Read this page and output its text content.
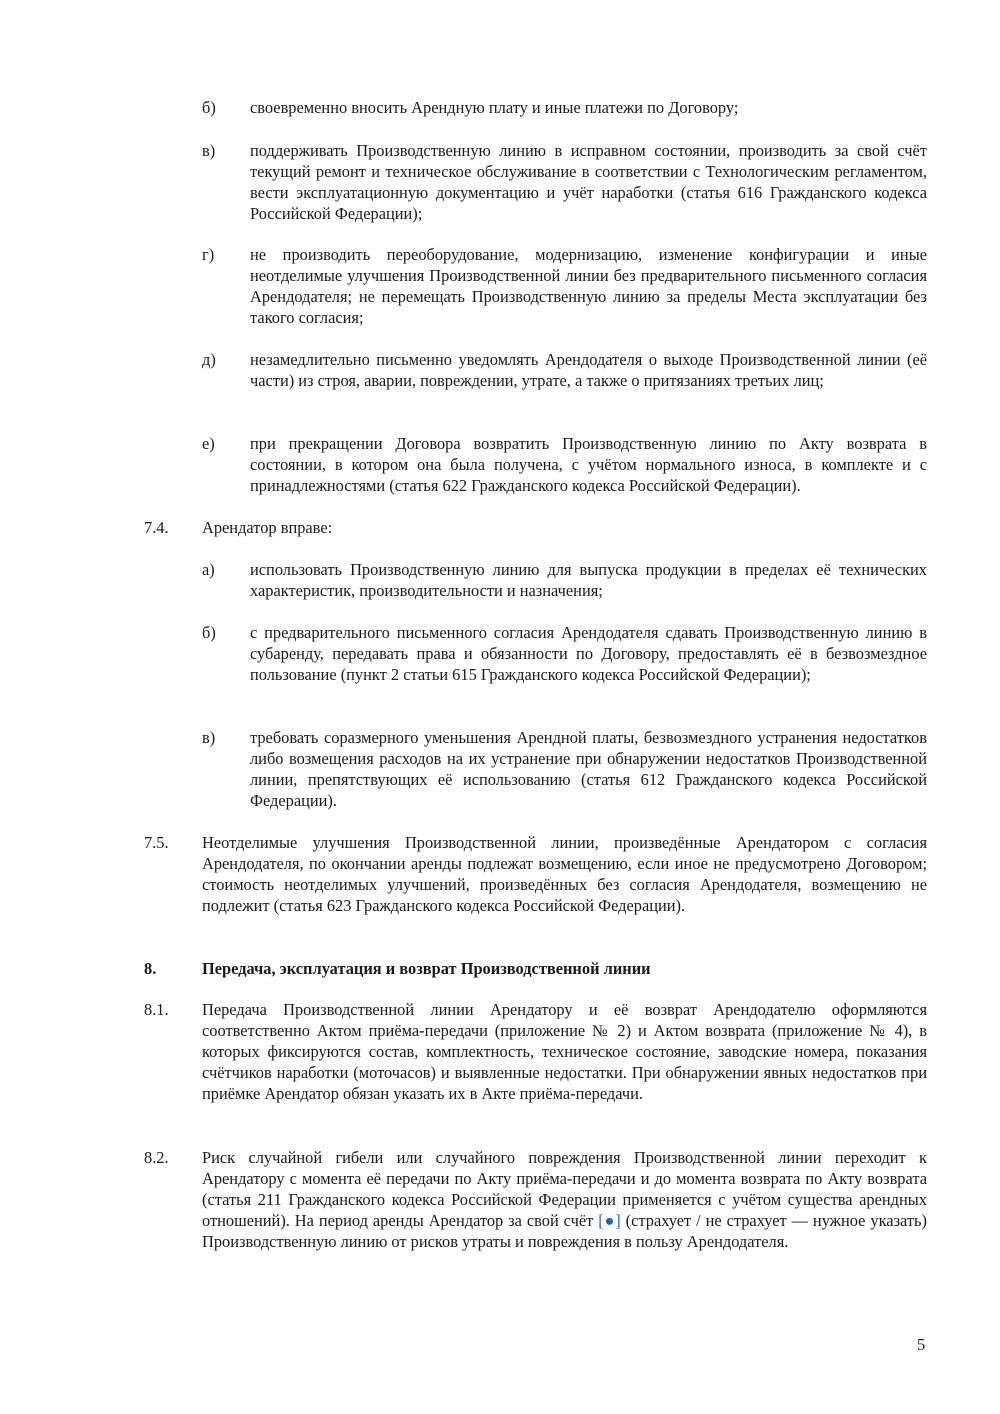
б) своевременно вносить Арендную плату и иные платежи по Договору;

в) поддерживать Производственную линию в исправном состоянии, производить за свой счёт текущий ремонт и техническое обслуживание в соответствии с Технологическим регламентом, вести эксплуатационную документацию и учёт наработки (статья 616 Гражданского кодекса Российской Федерации);

г) не производить переоборудование, модернизацию, изменение конфигурации и иные неотделимые улучшения Производственной линии без предварительного письменного согласия Арендодателя; не перемещать Производственную линию за пределы Места эксплуатации без такого согласия;

д) незамедлительно письменно уведомлять Арендодателя о выходе Производственной линии (её части) из строя, аварии, повреждении, утрате, а также о притязаниях третьих лиц;

е) при прекращении Договора возвратить Производственную линию по Акту возврата в состоянии, в котором она была получена, с учётом нормального износа, в комплекте и с принадлежностями (статья 622 Гражданского кодекса Российской Федерации).

7.4. Арендатор вправе:

а) использовать Производственную линию для выпуска продукции в пределах её технических характеристик, производительности и назначения;

б) с предварительного письменного согласия Арендодателя сдавать Производственную линию в субаренду, передавать права и обязанности по Договору, предоставлять её в безвозмездное пользование (пункт 2 статьи 615 Гражданского кодекса Российской Федерации);

в) требовать соразмерного уменьшения Арендной платы, безвозмездного устранения недостатков либо возмещения расходов на их устранение при обнаружении недостатков Производственной линии, препятствующих её использованию (статья 612 Гражданского кодекса Российской Федерации).

7.5. Неотделимые улучшения Производственной линии, произведённые Арендатором с согласия Арендодателя, по окончании аренды подлежат возмещению, если иное не предусмотрено Договором; стоимость неотделимых улучшений, произведённых без согласия Арендодателя, возмещению не подлежит (статья 623 Гражданского кодекса Российской Федерации).

8.	Передача, эксплуатация и возврат Производственной линии

8.1. Передача Производственной линии Арендатору и её возврат Арендодателю оформляются соответственно Актом приёма-передачи (приложение № 2) и Актом возврата (приложение № 4), в которых фиксируются состав, комплектность, техническое состояние, заводские номера, показания счётчиков наработки (моточасов) и выявленные недостатки. При обнаружении явных недостатков при приёмке Арендатор обязан указать их в Акте приёма-передачи.

8.2. Риск случайной гибели или случайного повреждения Производственной линии переходит к Арендатору с момента её передачи по Акту приёма-передачи и до момента возврата по Акту возврата (статья 211 Гражданского кодекса Российской Федерации применяется с учётом существа арендных отношений). На период аренды Арендатор за свой счёт [●] (страхует / не страхует — нужное указать) Производственную линию от рисков утраты и повреждения в пользу Арендодателя.

5
